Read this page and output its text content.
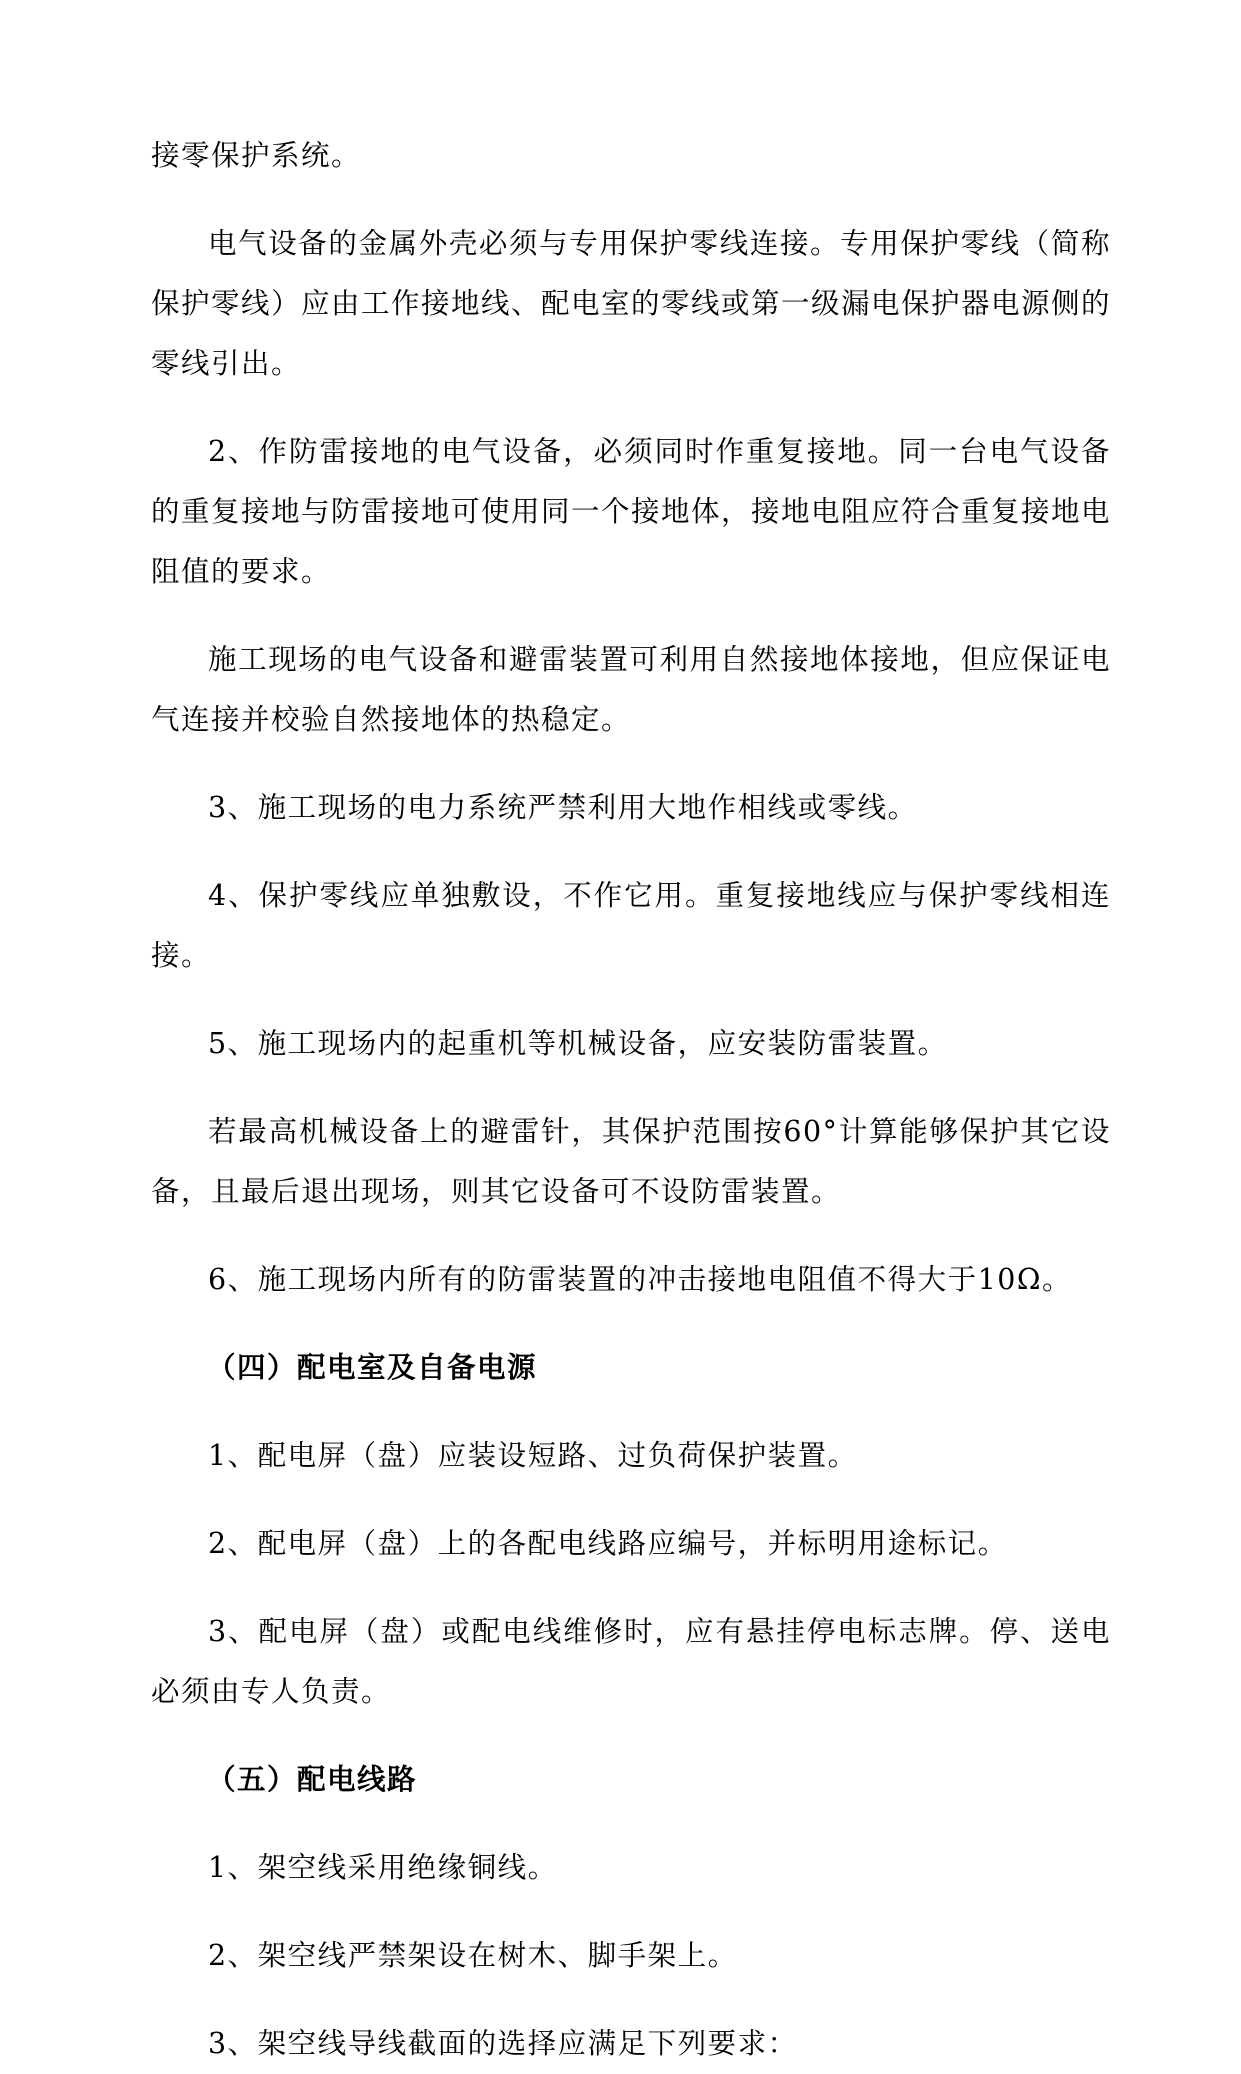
接零保护系统。

电气设备的金属外壳必须与专用保护零线连接。专用保护零线（简称保护零线）应由工作接地线、配电室的零线或第一级漏电保护器电源侧的零线引出。

2、作防雷接地的电气设备，必须同时作重复接地。同一台电气设备的重复接地与防雷接地可使用同一个接地体，接地电阻应符合重复接地电阻值的要求。

施工现场的电气设备和避雷装置可利用自然接地体接地，但应保证电气连接并校验自然接地体的热稳定。

3、施工现场的电力系统严禁利用大地作相线或零线。

4、保护零线应单独敷设，不作它用。重复接地线应与保护零线相连接。

5、施工现场内的起重机等机械设备，应安装防雷装置。

若最高机械设备上的避雷针，其保护范围按60°计算能够保护其它设备，且最后退出现场，则其它设备可不设防雷装置。

6、施工现场内所有的防雷装置的冲击接地电阻值不得大于10Ω。

（四）配电室及自备电源

1、配电屏（盘）应装设短路、过负荷保护装置。

2、配电屏（盘）上的各配电线路应编号，并标明用途标记。

3、配电屏（盘）或配电线维修时，应有悬挂停电标志牌。停、送电必须由专人负责。

（五）配电线路

1、架空线采用绝缘铜线。

2、架空线严禁架设在树木、脚手架上。

3、架空线导线截面的选择应满足下列要求：
